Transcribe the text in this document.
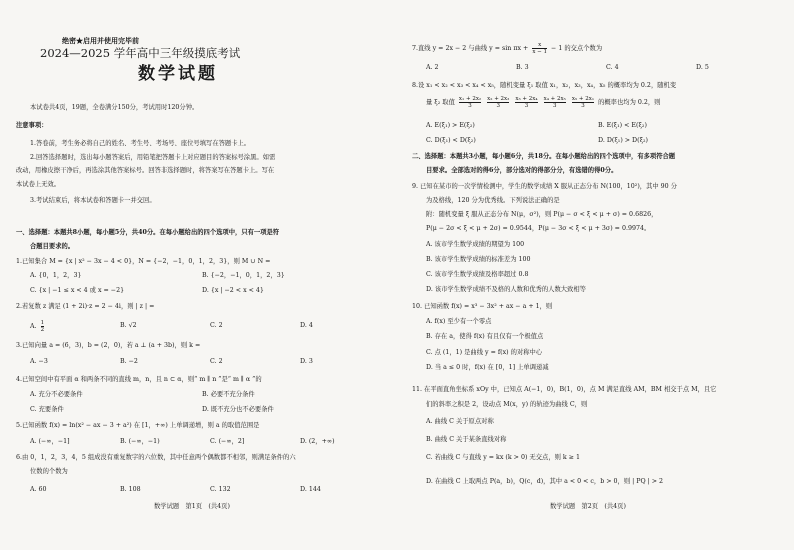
绝密★启用并使用完毕前
2024—2025 学年高中三年级摸底考试
数学试题
本试卷共4页，19题，全卷满分150分，考试用时120分钟。
注意事项：
1.答卷前，考生务必将自己的姓名、考生号、考场号、座位号填写在答题卡上。
2.回答选择题时，选出每小题答案后，用铅笔把答题卡上对应题目的答案标号涂黑。如需
改动，用橡皮擦干净后，再选涂其他答案标号。回答非选择题时，将答案写在答题卡上。写在
本试卷上无效。
3.考试结束后，将本试卷和答题卡一并交回。
一、选择题：本题共8小题，每小题5分，共40分。在每小题给出的四个选项中，只有一项是符
合题目要求的。
1.已知集合 M = {x | x² − 3x − 4 < 0}，N = {−2，−1，0，1，2，3}，则 M ∪ N =
A. {0，1，2，3}	B. {−2，−1，0，1，2，3}
C. {x | −1 ≤ x < 4 或 x = −2}	D. {x | −2 < x < 4}
2.若复数 z 满足 (1 + 2i)·z = 2 − 4i，则 | z | =
A. $\frac{1}{2}$	B. √2	C. 2	D. 4
3.已知向量 a = (6，3)，b = (2，0)，若 a ⊥ (a + 3b)，则 k =
A. −3	B. −2	C. 2	D. 3
4.已知空间中有平面 α 和两条不同的直线 m，n，且 n ⊂ α，则“ m ∥ n ”是“ m ∥ α ”的
A. 充分不必要条件	B. 必要不充分条件
C. 充要条件	D. 既不充分也不必要条件
5.已知函数 f(x) = ln(x² − ax − 3 + a²) 在 [1，+∞) 上单调递增，则 a 的取值范围是
A. (−∞，−1]	B. (−∞，−1)	C. (−∞，2]	D. (2，+∞)
6.由 0，1，2，3，4，5 组成没有重复数字的六位数，其中任意两个偶数都不相邻，则满足条件的六
位数的个数为
A. 60	B. 108	C. 132	D. 144
数学试题　第1页　(共4页)
7.直线 y = 2x − 2 与曲线 $y = \sin \pi x + \frac{x}{x - 1} - 1$ 的交点个数为
A. 2	B. 3	C. 4	D. 5
8.设 x₁ < x₂ < x₃ < x₄ < x₅，随机变量 ξ₁ 取值 x₁，x₂，x₃，x₄，x₅ 的概率均为 0.2，随机变
量 ξ₂ 取值 $\frac{\text{x₁ + 2x₂}}{3}$
$\frac{\text{x₂ + 2x₃}}{3}$
$\frac{\text{x₃ + 2x₄}}{3}$
$\frac{\text{x₄ + 2x₅}}{3}$
$\frac{\text{x₅ + 2x₁}}{3}$ 的概率也均为 0.2，则
A. E(ξ₁) > E(ξ₂)	B. E(ξ₁) < E(ξ₂)
C. D(ξ₁) < D(ξ₂)	D. D(ξ₁) > D(ξ₂)
二、选择题：本题共3小题，每小题6分，共18分。在每小题给出的四个选项中，有多项符合题
目要求。全部选对的得6分，部分选对的得部分分，有选错的得0分。
9. 已知在某市的一次学情检测中，学生的数学成绩 X 服从正态分布 N(100，10²)，其中 90 分
为及格线，120 分为优秀线。下列说法正确的是
附：随机变量 ξ 服从正态分布 N(μ，σ²)，则 P(μ − σ < ξ < μ + σ) = 0.6826，
P(μ − 2σ < ξ < μ + 2σ) = 0.9544，P(μ − 3σ < ξ < μ + 3σ) = 0.9974。
A. 该市学生数学成绩的期望为 100
B. 该市学生数学成绩的标准差为 100
C. 该市学生数学成绩及格率超过 0.8
D. 该市学生数学成绩不及格的人数和优秀的人数大致相等
10. 已知函数 f(x) = x³ − 3x² + ax − a + 1，则
A. f(x) 至少有一个零点
B. 存在 a，使得 f(x) 有且仅有一个极值点
C. 点 (1，1) 是曲线 y = f(x) 的对称中心
D. 当 a ≤ 0 时，f(x) 在 [0，1] 上单调递减
11. 在平面直角坐标系 xOy 中，已知点 A(−1，0)，B(1，0)，点 M 满足直线 AM，BM 相交于点 M，且它
们的斜率之积是 2，设动点 M(x，y) 的轨迹为曲线 C，则
A. 曲线 C 关于原点对称
B. 曲线 C 关于某条直线对称
C. 若曲线 C 与直线 y = kx (k > 0) 无交点，则 k ≥ 1
D. 在曲线 C 上取两点 P(a，b)，Q(c，d)，其中 a < 0 < c，b > 0，则 | PQ | > 2
数学试题　第2页　(共4页)
